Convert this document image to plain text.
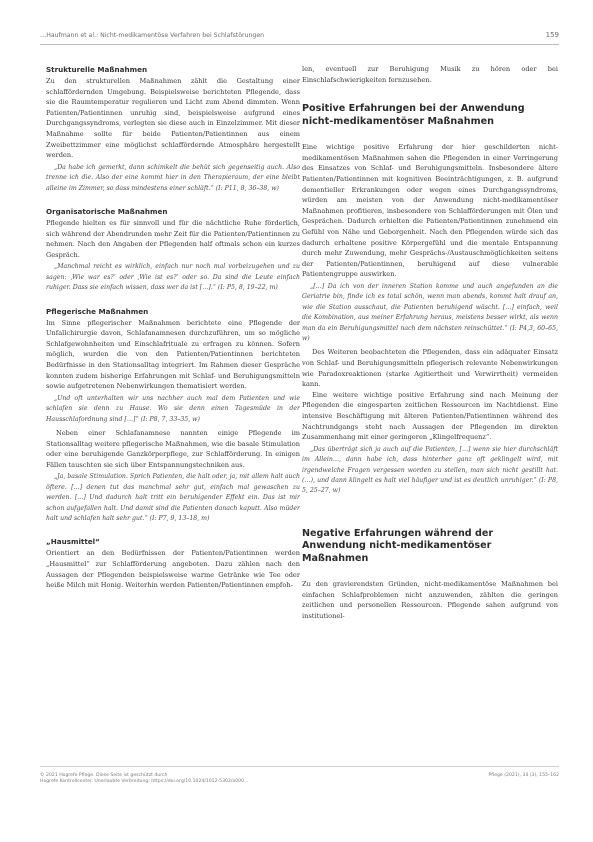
…Haufmann et al.: Nicht-medikamentöse Verfahren bei Schlafstörungen	159
Strukturelle Maßnahmen

Zu den strukturellen Maßnahmen zählt die Gestaltung einer schlaffördernden Umgebung. Beispielsweise berichteten Pflegende, dass sie die Raumtemperatur regulieren und Licht zum Abend dimmten. Wenn Patienten/Patientinnen unruhig sind, beispielsweise aufgrund eines Durchgangssyndroms, verlegten sie diese auch in Einzelzimmer. Mit dieser Maßnahme sollte für beide Patienten/Patientinnen aus einem Zweibettzimmer eine möglichst schlaffördernde Atmosphäre hergestellt werden.

„Da habe ich gemerkt, dann schimkelt die behüt sich gegenseitig auch. Also trenne ich die. Also der eine kommt hier in den Therapieraum, der eine bleibt alleine im Zimmer, so dass mindestens einer schläft.“ (I: P11, 8, 36–38, w)

Organisatorische Maßnahmen

Pflegende hielten es für sinnvoll und für die nächtliche Ruhe förderlich, sich während der Abendrunden mehr Zeit für die Patienten/Patientinnen zu nehmen. Nach den Angaben der Pflegenden half oftmals schon ein kurzes Gespräch.

„Manchmal reicht es wirklich, einfach nur noch mal vorbeizugehen und zu sagen: ‚Wie war es?‘ oder ‚Wie ist es?‘ oder so. Da sind die Leute einfach ruhiger. Dass sie einfach wissen, dass wer da ist […].“ (I: P5, 8, 19–22, m)

Pflegerische Maßnahmen

Im Sinne pflegerischer Maßnahmen berichtete eine Pflegende der Unfallchirurgie davon, Schlafanamnesen durchzuführen, um so mögliche Schlafgewohnheiten und Einschlafrituale zu erfragen zu können. Sofern möglich, wurden die von den Patienten/Patientinnen berichteten Bedürfnisse in den Stationsalltag integriert. Im Rahmen dieser Gespräche konnten zudem bisherige Erfahrungen mit Schlaf- und Beruhigungsmitteln sowie aufgetretenen Nebenwirkungen thematisiert werden.

„Und oft unterhalten wir uns nachher auch mal dem Patienten und wie schlafen sie denn zu Hause. Wo sie denn einen Tagesmüde in der Hausschlafordnung sind […]“ (I: P8, 7, 33–35, w)

Neben einer Schlafanamnese nannten einige Pflegende im Stationsalltag weitere pflegerische Maßnahmen, wie die basale Stimulation oder eine beruhigende Ganzkörperpflege, zur Schlafförderung. In einigen Fällen tauschten sie sich über Entspannungstechniken aus.

„Ja, basale Stimulation. Sprich Patienten, die halt oder, ja, mit allem halt auch öftere. […] denen tut das manchmal sehr gut, einfach mal gewaschen zu werden. […] Und dadurch halt tritt ein beruhigender Effekt ein. Das ist mir schon aufgefallen halt. Und damit sind die Patienten danach kaputt. Also müder halt und schlafen halt sehr gut.“ (I: P7, 9, 13–18, m)

„Hausmittel“

Orientiert an den Bedürfnissen der Patienten/Patientinnen werden „Hausmittel“ zur Schlafförderung angeboten. Dazu zählen nach den Aussagen der Pflegenden beispielsweise warme Getränke wie Tee oder heiße Milch mit Honig. Weiterhin werden Patienten/Patientinnen empfoh-

len, eventuell zur Beruhigung Musik zu hören oder bei Einschlafschwierigkeiten fernzusehen.

Positive Erfahrungen bei der Anwendung nicht-medikamentöser Maßnahmen

Eine wichtige positive Erfahrung der hier geschilderten nicht-medikamentösen Maßnahmen sahen die Pflegenden in einer Verringerung des Einsatzes von Schlaf- und Beruhigungsmitteln. Insbesondere ältere Patienten/Patientinnen mit kognitiven Beeinträchtigungen, z. B. aufgrund dementieller Erkrankungen oder wegen eines Durchgangssyndroms, würden am meisten von der Anwendung nicht-medikamentöser Maßnahmen profitieren, insbesondere von Schlafförderungen mit Ölen und Gesprächen. Dadurch erhielten die Patienten/Patientinnen zunehmend ein Gefühl von Nähe und Geborgenheit. Nach den Pflegenden würde sich das dadurch erhaltene positive Körpergefühl und die mentale Entspannung durch mehr Zuwendung, mehr Gesprächs-/Austauschmöglichkeiten seitens der Patienten/Patientinnen, beruhigend auf diese vulnerable Patientengruppe auswirken.

„[…] Da ich von der inneren Station komme und auch angefunden an die Geriatrie bin, finde ich es total schön, wenn man abends, kommt halt drauf an, wie die Station ausschaut, die Patienten beruhigend wäscht. […] einfach, weil die Kombination, aus meiner Erfahrung heraus, meistens besser wirkt, als wenn man da ein Beruhigungsmittel nach dem nächsten reinschüttet.“ (I: P4,3, 60–65, w)

Des Weiteren beobachteten die Pflegenden, dass ein adäquater Einsatz von Schlaf- und Beruhigungsmitteln pflegerisch relevante Nebenwirkungen wie Paradoxreaktionen (starke Agitiertheit und Verwirrtheit) vermeiden kann.

Eine weitere wichtige positive Erfahrung sind nach Meinung der Pflegenden die eingesparten zeitlichen Ressourcen im Nachtdienst. Eine intensive Beschäftigung mit älteren Patienten/Patientinnen während des Nachtrundgangs steht nach Aussagen der Pflegenden im direkten Zusammenhang mit einer geringeren „Klingelfrequenz“.

„Das überträgt sich ja auch auf die Patienten, […] wenn sie hier durchschläft im Allein…, dann habe ich, dass hinterher ganz oft geklingelt wird, mit irgendwelche Fragen vergessen worden zu stellen, man sich nicht gestillt hat. (…), und dann klingelt es halt viel häufiger und ist es deutlich unruhiger.“ (I: P8, 5, 25–27, w)

Negative Erfahrungen während der Anwendung nicht-medikamentöser Maßnahmen

Zu den gravierendsten Gründen, nicht-medikamentöse Maßnahmen bei einfachen Schlafproblemen nicht anzuwenden, zählten die geringen zeitlichen und personellen Ressourcen. Pflegende sahen aufgrund von institutionel-

© 2021 Hogrefe Pflege. Diese Seite ist geschützt durch
Hogrefe Kontrollcenter. Unerlaubte Verbreitung: https://doi.org/10.1024/1012-5302/a000…
Pflege (2021), 34 (3), 155–162
